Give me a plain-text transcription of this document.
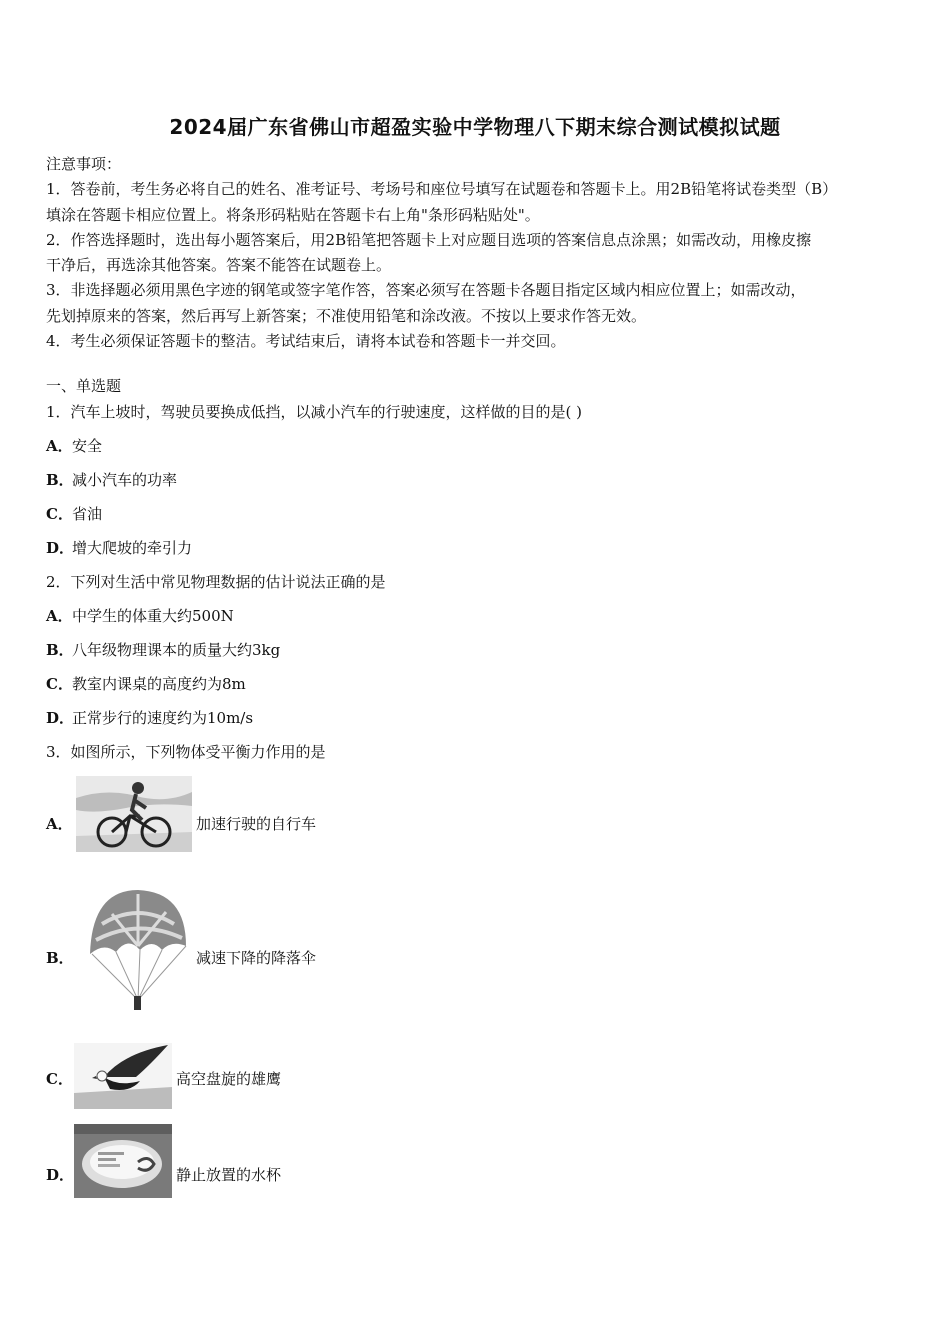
2024届广东省佛山市超盈实验中学物理八下期末综合测试模拟试题

注意事项：

1．答卷前，考生务必将自己的姓名、准考证号、考场号和座位号填写在试题卷和答题卡上。用2B铅笔将试卷类型（B）

填涂在答题卡相应位置上。将条形码粘贴在答题卡右上角"条形码粘贴处"。

2．作答选择题时，选出每小题答案后，用2B铅笔把答题卡上对应题目选项的答案信息点涂黑；如需改动，用橡皮擦

干净后，再选涂其他答案。答案不能答在试题卷上。

3．非选择题必须用黑色字迹的钢笔或签字笔作答，答案必须写在答题卡各题目指定区域内相应位置上；如需改动，

先划掉原来的答案，然后再写上新答案；不准使用铅笔和涂改液。不按以上要求作答无效。

4．考生必须保证答题卡的整洁。考试结束后，请将本试卷和答题卡一并交回。

一、单选题
1．汽车上坡时，驾驶员要换成低挡，以减小汽车的行驶速度，这样做的目的是( )
A．安全
B．减小汽车的功率
C．省油
D．增大爬坡的牵引力
2．下列对生活中常见物理数据的估计说法正确的是
A．中学生的体重大约500N
B．八年级物理课本的质量大约3kg
C．教室内课桌的高度约为8m
D．正常步行的速度约为10m/s
3．如图所示，下列物体受平衡力作用的是
A．	加速行驶的自行车
B．	减速下降的降落伞
C．	高空盘旋的雄鹰
D．	静止放置的水杯
